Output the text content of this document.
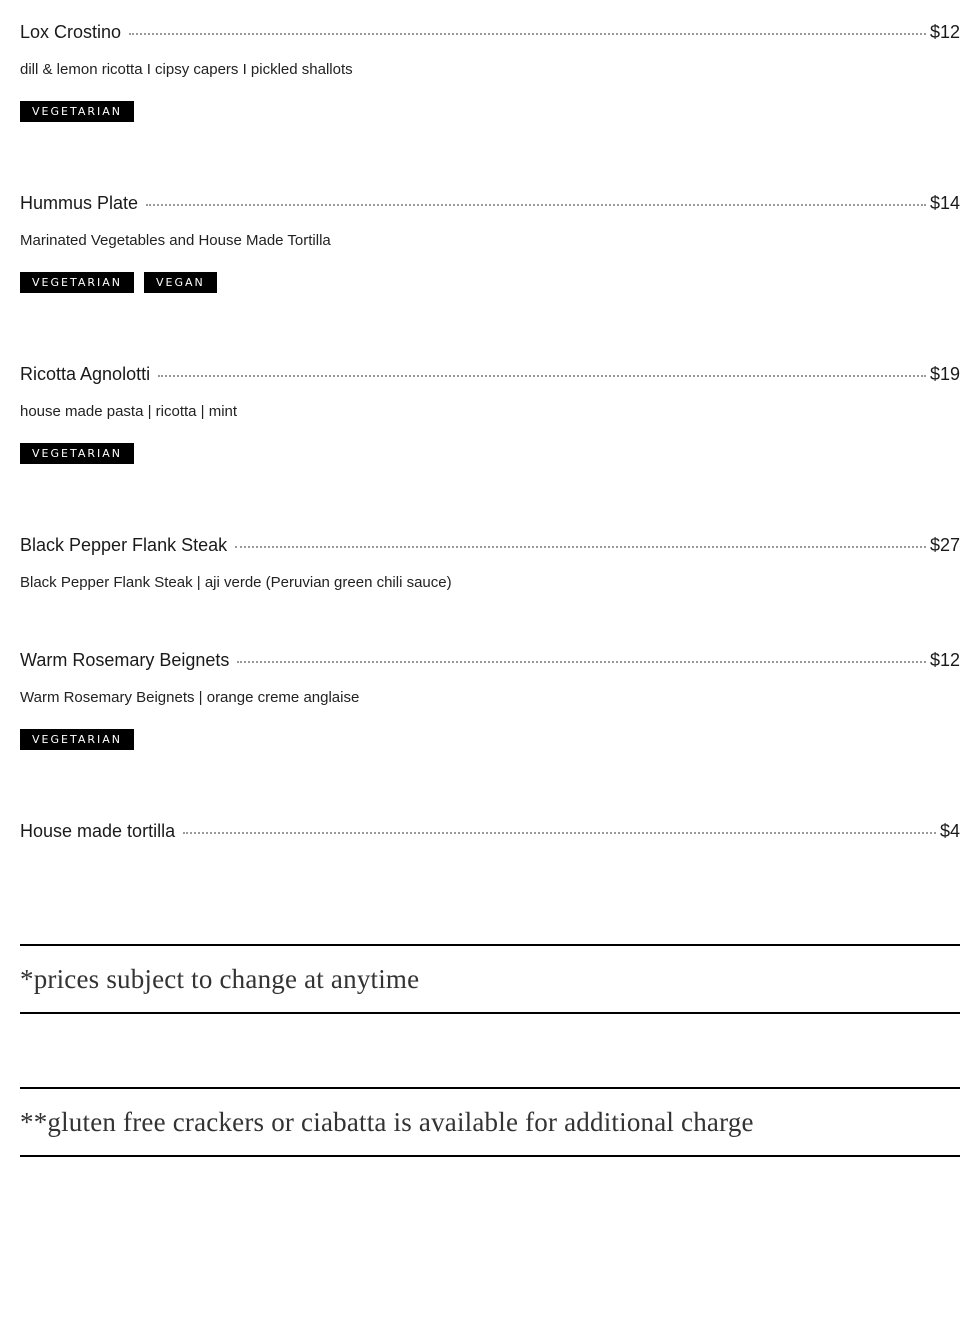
Lox Crostino	$12
dill & lemon ricotta I cipsy capers I pickled shallots
VEGETARIAN
Hummus Plate	$14
Marinated Vegetables and House Made Tortilla
VEGETARIAN	VEGAN
Ricotta Agnolotti	$19
house made pasta | ricotta | mint
VEGETARIAN
Black Pepper Flank Steak	$27
Black Pepper Flank Steak | aji verde (Peruvian green chili sauce)
Warm Rosemary Beignets	$12
Warm Rosemary Beignets | orange creme anglaise
VEGETARIAN
House made tortilla	$4
*prices subject to change at anytime
**gluten free crackers or ciabatta is available for additional charge
